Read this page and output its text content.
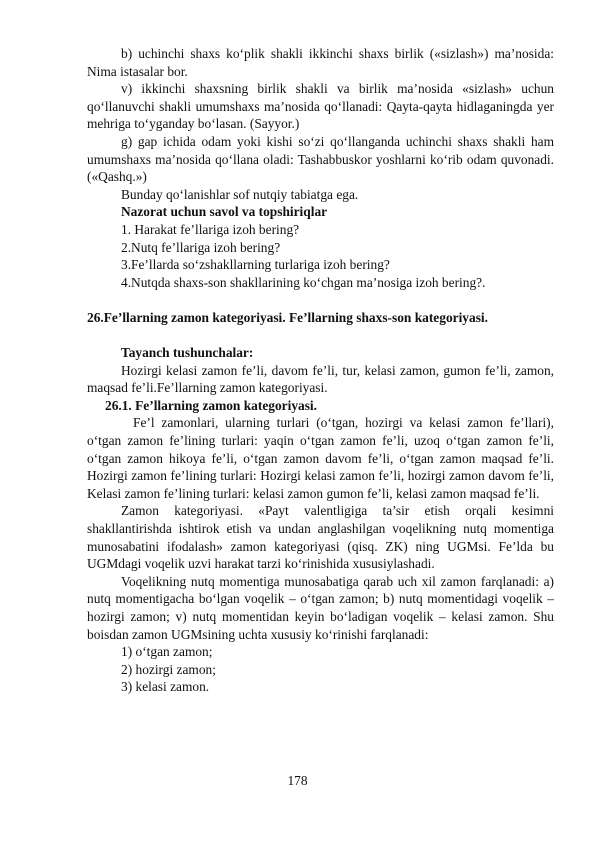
b) uchinchi shaxs ko‘plik shakli ikkinchi shaxs birlik («sizlash») ma’nosida: Nima istasalar bor.

v) ikkinchi shaxsning birlik shakli va birlik ma’nosida «sizlash» uchun qo‘llanuvchi shakli umumshaxs ma’nosida qo‘llanadi: Qayta-qayta hidlaganingda yer mehriga to‘yganday bo‘lasan. (Sayyor.)

g) gap ichida odam yoki kishi so‘zi qo‘llanganda uchinchi shaxs shakli ham umumshaxs ma’nosida qo‘llana oladi: Tashabbuskor yoshlarni ko‘rib odam quvonadi.(«Qashq.»)

Bunday qo‘lanishlar sof nutqiy tabiatga ega.

Nazorat uchun savol va topshiriqlar

1. Harakat fe’llariga izoh bering?

2.Nutq fe’llariga izoh bering?

3.Fe’llarda so‘zshakllarning turlariga izoh bering?

4.Nutqda shaxs-son shakllarining ko‘chgan ma’nosiga izoh bering?.

26.Fe’llarning zamon kategoriyasi. Fe’llarning shaxs-son kategoriyasi.

Tayanch tushunchalar:

Hozirgi kelasi zamon fe’li, davom fe’li, tur, kelasi zamon, gumon fe’li, zamon, maqsad fe’li.Fe’llarning zamon kategoriyasi.

26.1. Fe’llarning zamon kategoriyasi.

Fe’l zamonlari, ularning turlari (o‘tgan, hozirgi va kelasi zamon fe’llari), o‘tgan zamon fe’lining turlari: yaqin o‘tgan zamon fe’li, uzoq o‘tgan zamon fe’li, o‘tgan zamon hikoya fe’li, o‘tgan zamon davom fe’li, o‘tgan zamon maqsad fe’li. Hozirgi zamon fe’lining turlari: Hozirgi kelasi zamon fe’li, hozirgi zamon davom fe’li, Kelasi zamon fe’lining turlari: kelasi zamon gumon fe’li, kelasi zamon maqsad fe’li.

Zamon kategoriyasi. «Payt valentligiga ta’sir etish orqali kesimni shakllantirishda ishtirok etish va undan anglashilgan voqelikning nutq momentiga munosabatini ifodalash» zamon kategoriyasi (qisq. ZK) ning UGMsi. Fe’lda bu UGMdagi voqelik uzvi harakat tarzi ko‘rinishida xususiylashadi.

Voqelikning nutq momentiga munosabatiga qarab uch xil zamon farqlanadi: a) nutq momentigacha bo‘lgan voqelik – o‘tgan zamon; b) nutq momentidagi voqelik – hozirgi zamon; v) nutq momentidan keyin bo‘ladigan voqelik – kelasi zamon. Shu boisdan zamon UGMsining uchta xususiy ko‘rinishi farqlanadi:

1) o‘tgan zamon;

2) hozirgi zamon;

3) kelasi zamon.

178
